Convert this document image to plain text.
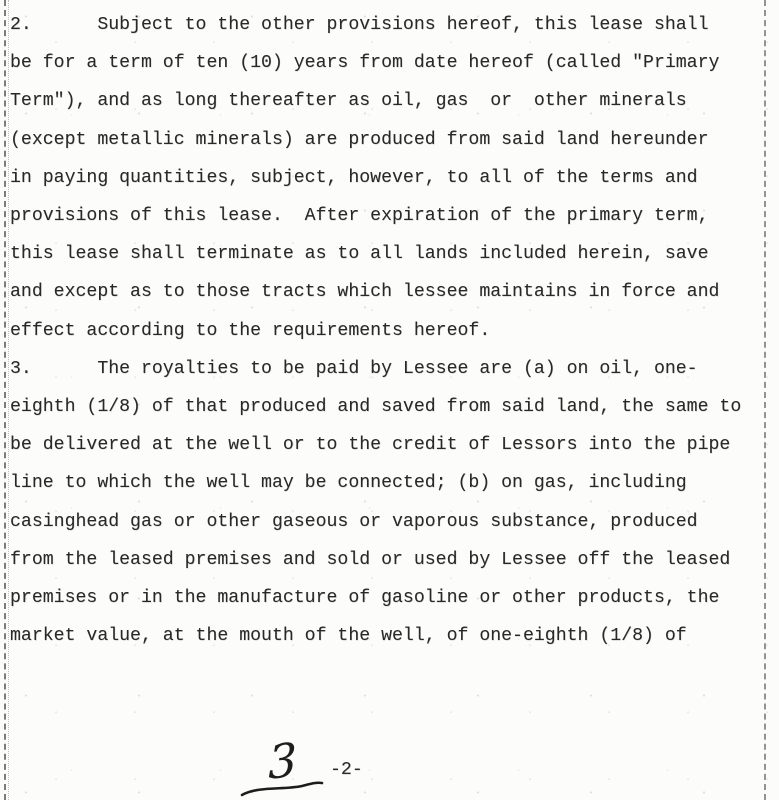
2.      Subject to the other provisions hereof, this lease shall
be for a term of ten (10) years from date hereof (called "Primary
Term"), and as long thereafter as oil, gas  or  other minerals
(except metallic minerals) are produced from said land hereunder
in paying quantities, subject, however, to all of the terms and
provisions of this lease.  After expiration of the primary term,
this lease shall terminate as to all lands included herein, save
and except as to those tracts which lessee maintains in force and
effect according to the requirements hereof.
3.      The royalties to be paid by Lessee are (a) on oil, one-
eighth (1/8) of that produced and saved from said land, the same to
be delivered at the well or to the credit of Lessors into the pipe
line to which the well may be connected; (b) on gas, including
casinghead gas or other gaseous or vaporous substance, produced
from the leased premises and sold or used by Lessee off the leased
premises or in the manufacture of gasoline or other products, the
market value, at the mouth of the well, of one-eighth (1/8) of
3 -2-
